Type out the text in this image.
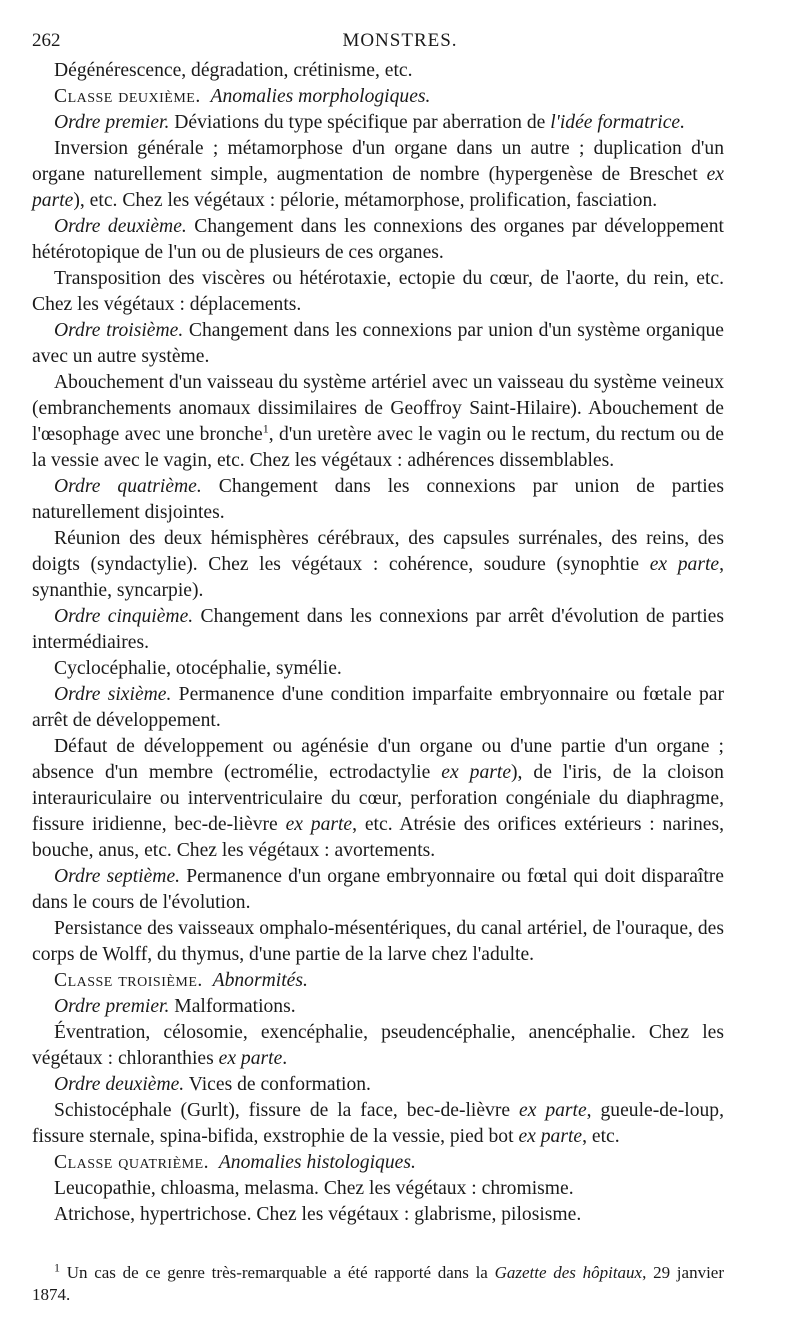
262	MONSTRES.

Dégénérescence, dégradation, crétinisme, etc.

Classe deuxième. Anomalies morphologiques.

Ordre premier. Déviations du type spécifique par aberration de l'idée formatrice.

Inversion générale ; métamorphose d'un organe dans un autre ; duplication d'un organe naturellement simple, augmentation de nombre (hypergenèse de Breschet ex parte), etc. Chez les végétaux : pélorie, métamorphose, prolification, fasciation.

Ordre deuxième. Changement dans les connexions des organes par développement hétérotopique de l'un ou de plusieurs de ces organes.

Transposition des viscères ou hétérotaxie, ectopie du cœur, de l'aorte, du rein, etc. Chez les végétaux : déplacements.

Ordre troisième. Changement dans les connexions par union d'un système organique avec un autre système.

Abouchement d'un vaisseau du système artériel avec un vaisseau du système veineux (embranchements anomaux dissimilaires de Geoffroy Saint-Hilaire). Abouchement de l'œsophage avec une bronche$^1$, d'un uretère avec le vagin ou le rectum, du rectum ou de la vessie avec le vagin, etc. Chez les végétaux : adhérences dissemblables.

Ordre quatrième. Changement dans les connexions par union de parties naturellement disjointes.

Réunion des deux hémisphères cérébraux, des capsules surrénales, des reins, des doigts (syndactylie). Chez les végétaux : cohérence, soudure (synophtie ex parte, synanthie, syncarpie).

Ordre cinquième. Changement dans les connexions par arrêt d'évolution de parties intermédiaires.

Cyclocéphalie, otocéphalie, symélie.

Ordre sixième. Permanence d'une condition imparfaite embryonnaire ou fœtale par arrêt de développement.

Défaut de développement ou agénésie d'un organe ou d'une partie d'un organe ; absence d'un membre (ectromélie, ectrodactylie ex parte), de l'iris, de la cloison interauriculaire ou interventriculaire du cœur, perforation congéniale du diaphragme, fissure iridienne, bec-de-lièvre ex parte, etc. Atrésie des orifices extérieurs : narines, bouche, anus, etc. Chez les végétaux : avortements.

Ordre septième. Permanence d'un organe embryonnaire ou fœtal qui doit disparaître dans le cours de l'évolution.

Persistance des vaisseaux omphalo-mésentériques, du canal artériel, de l'ouraque, des corps de Wolff, du thymus, d'une partie de la larve chez l'adulte.

Classe troisième. Abnormités.

Ordre premier. Malformations.

Éventration, célosomie, exencéphalie, pseudencéphalie, anencéphalie. Chez les végétaux : chloranthies ex parte.

Ordre deuxième. Vices de conformation.

Schistocéphale (Gurlt), fissure de la face, bec-de-lièvre ex parte, gueule-de-loup, fissure sternale, spina-bifida, exstrophie de la vessie, pied bot ex parte, etc.

Classe quatrième. Anomalies histologiques.

Leucopathie, chloasma, melasma. Chez les végétaux : chromisme.

Atrichose, hypertrichose. Chez les végétaux : glabrisme, pilosisme.

$^1$ Un cas de ce genre très-remarquable a été rapporté dans la Gazette des hôpitaux, 29 janvier 1874.
